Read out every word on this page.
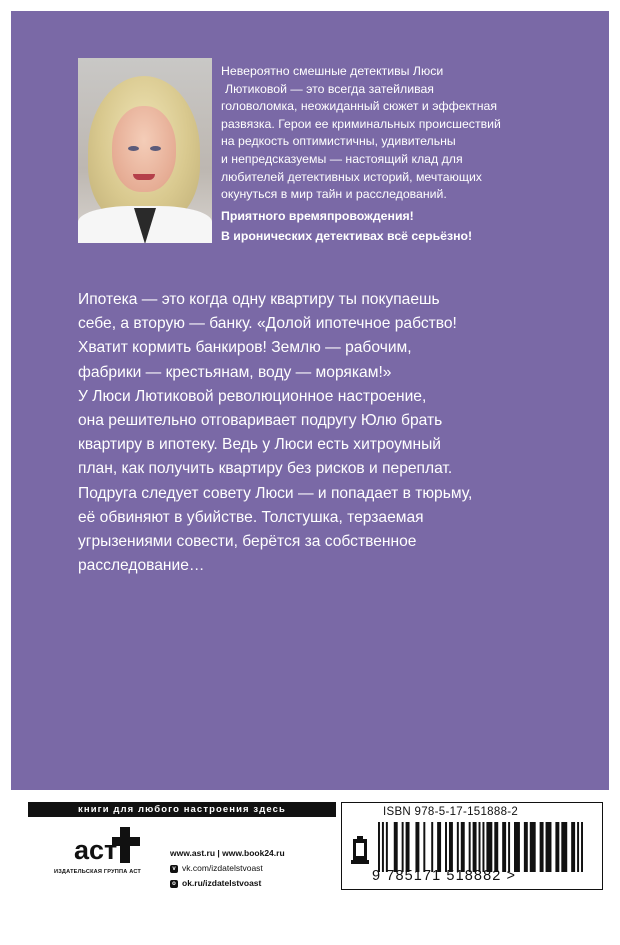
Невероятно смешные детективы Люси

Лютиковой — это всегда затейливая

головоломка, неожиданный сюжет и эффектная

развязка. Герои ее криминальных происшествий

на редкость оптимистичны, удивительны

и непредсказуемы — настоящий клад для

любителей детективных историй, мечтающих

окунуться в мир тайн и расследований.

Приятного времяпровождения!

В иронических детективах всё серьёзно!

Ипотека — это когда одну квартиру ты покупаешь

себе, а вторую — банку. «Долой ипотечное рабство!

Хватит кормить банкиров! Землю — рабочим,

фабрики — крестьянам, воду — морякам!»

У Люси Лютиковой революционное настроение,

она решительно отговаривает подругу Юлю брать

квартиру в ипотеку. Ведь у Люси есть хитроумный

план, как получить квартиру без рисков и переплат.

Подруга следует совету Люси — и попадает в тюрьму,

её обвиняют в убийстве. Толстушка, терзаемая

угрызениями совести, берётся за собственное

расследование…

книги для любого настроения здесь
аст
ИЗДАТЕЛЬСКАЯ ГРУППА АСТ
www.ast.ru | www.book24.ru
v vk.com/izdatelstvoast
o ok.ru/izdatelstvoast
ISBN 978-5-17-151888-2
9 785171 518882 >
